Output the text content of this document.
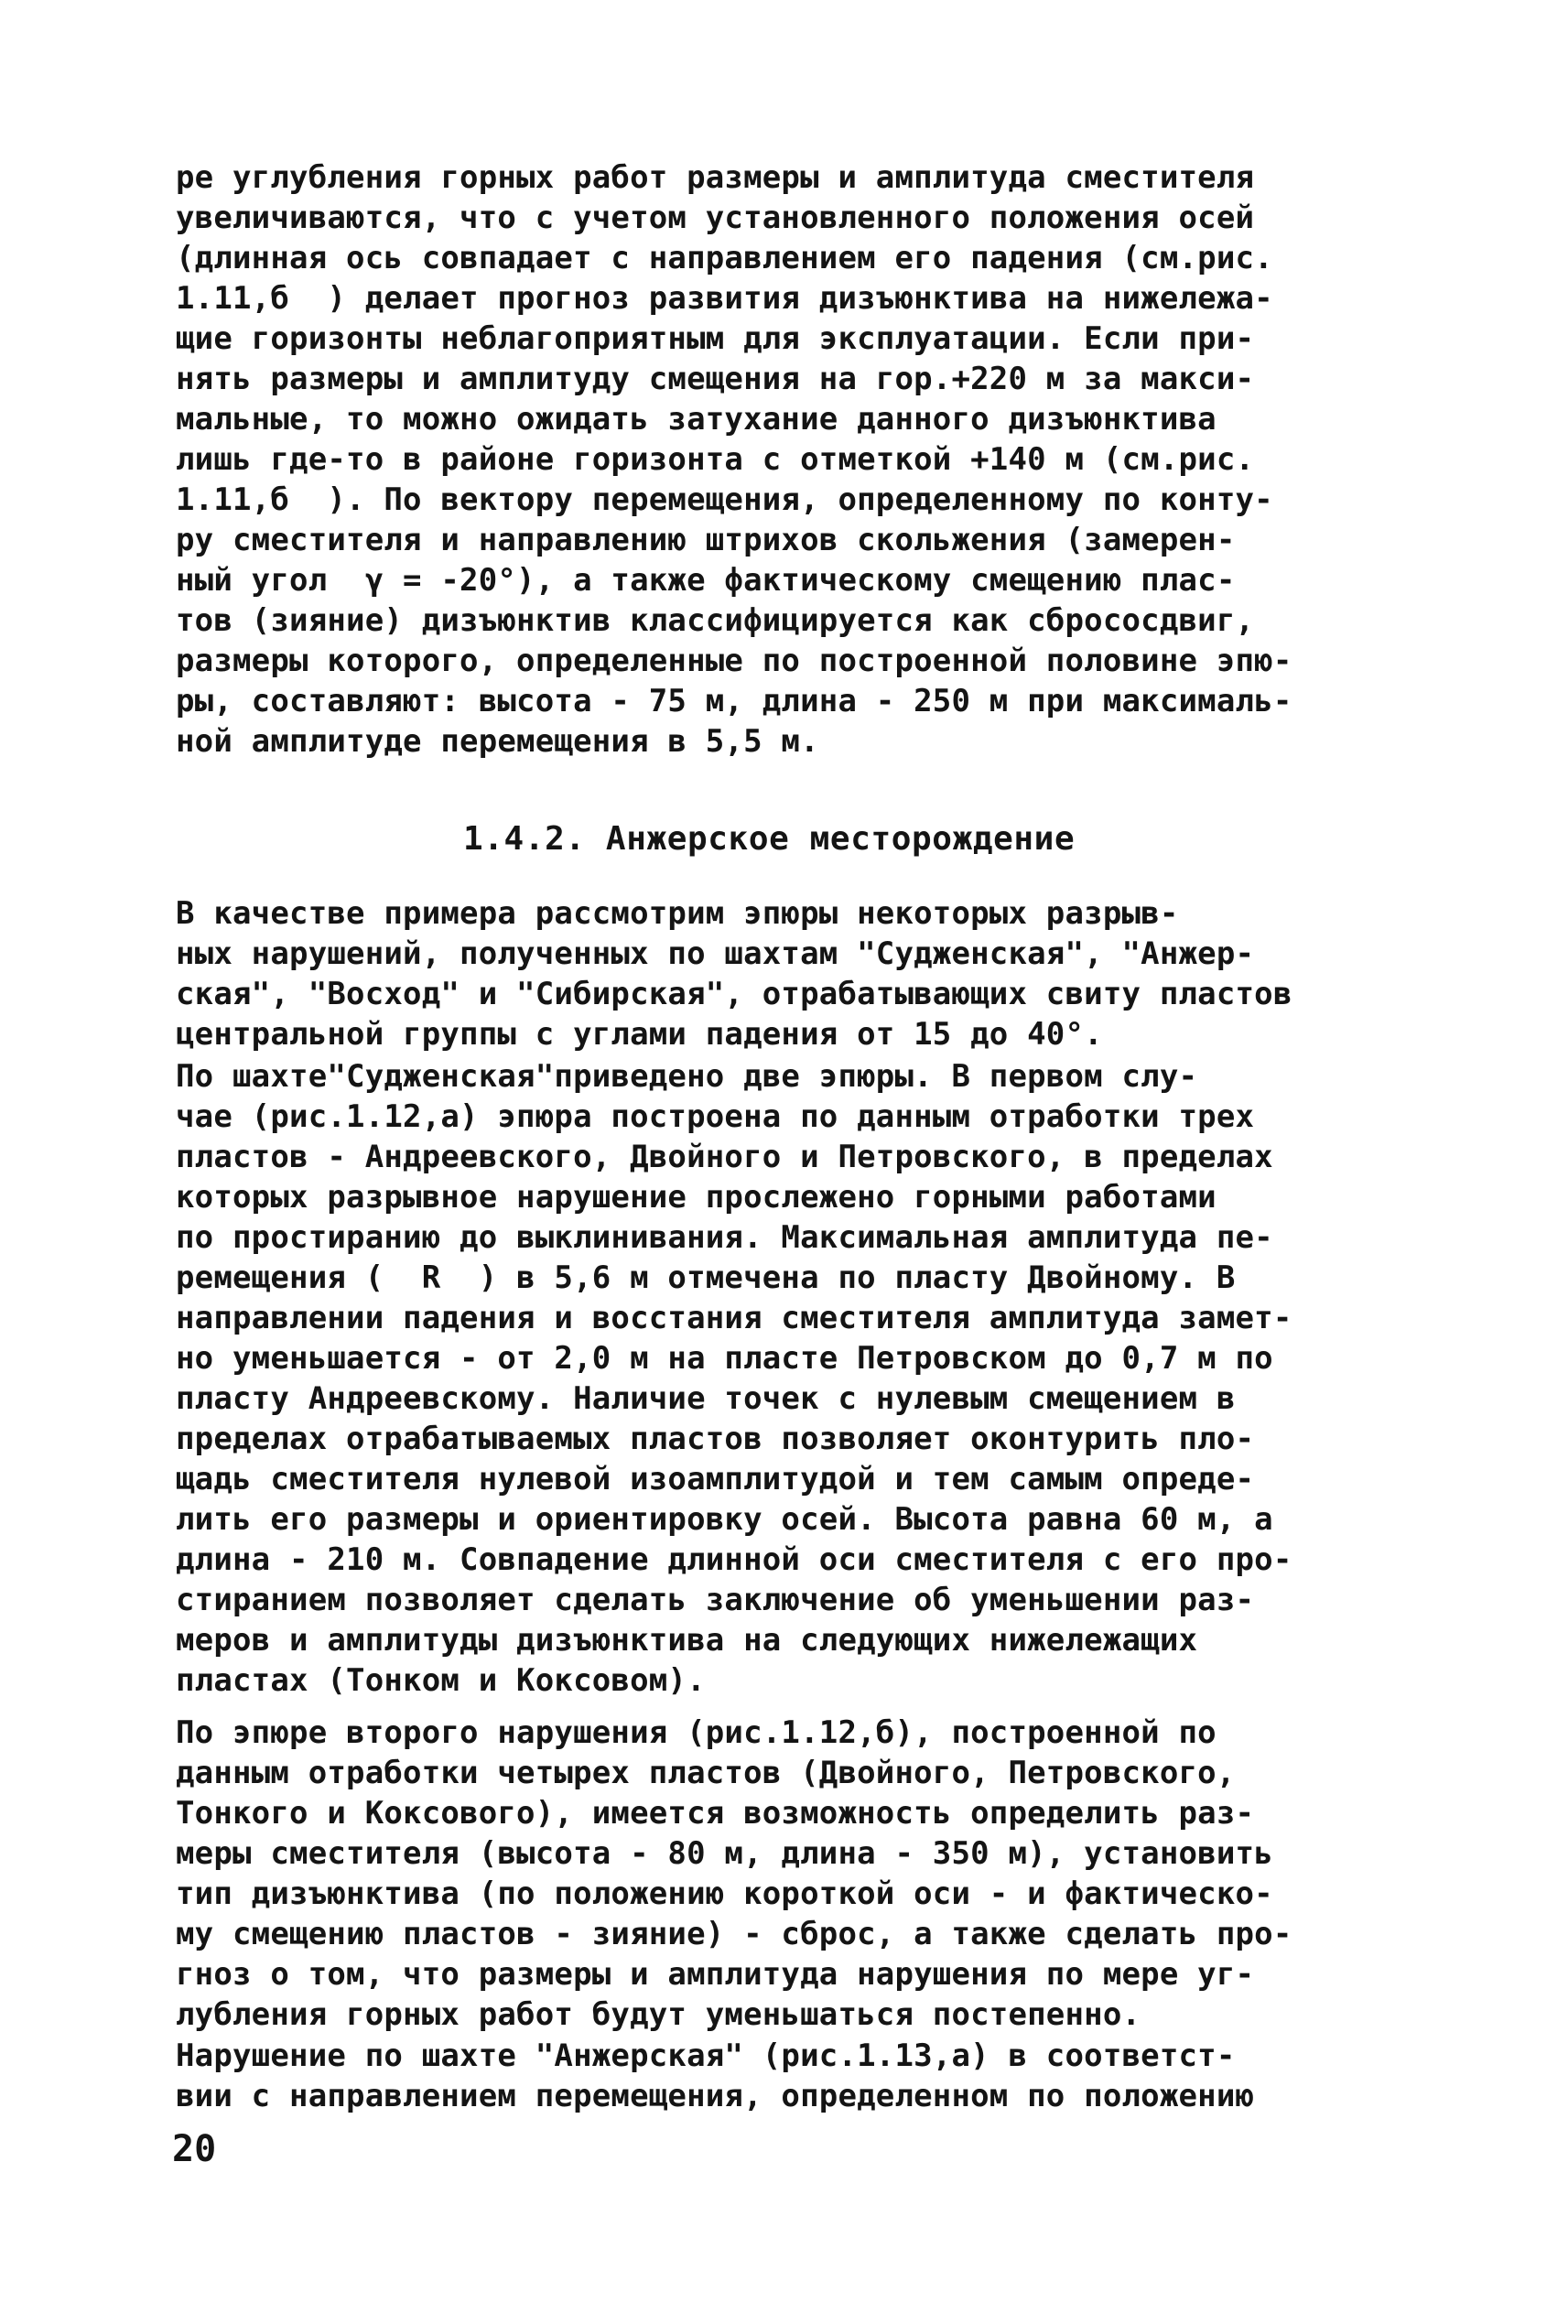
ре углубления горных работ размеры и амплитуда сместителя
увеличиваются, что с учетом установленного положения осей
(длинная ось совпадает с направлением его падения (см.рис.
1.11,б  ) делает прогноз развития дизъюнктива на нижележа-
щие горизонты неблагоприятным для эксплуатации. Если при-
нять размеры и амплитуду смещения на гор.+220 м за макси-
мальные, то можно ожидать затухание данного дизъюнктива
лишь где-то в районе горизонта с отметкой +140 м (см.рис.
1.11,б  ). По вектору перемещения, определенному по конту-
ру сместителя и направлению штрихов скольжения (замерен-
ный угол  γ = -20°), а также фактическому смещению плас-
тов (зияние) дизъюнктив классифицируется как сбрососдвиг,
размеры которого, определенные по построенной половине эпю-
ры, составляют: высота - 75 м, длина - 250 м при максималь-
ной амплитуде перемещения в 5,5 м.
1.4.2. Анжерское месторождение
В качестве примера рассмотрим эпюры некоторых разрыв-
ных нарушений, полученных по шахтам "Судженская", "Анжер-
ская", "Восход" и "Сибирская", отрабатывающих свиту пластов
центральной группы с углами падения от 15 до 40°.
По шахте"Судженская"приведено две эпюры. В первом слу-
чае (рис.1.12,а) эпюра построена по данным отработки трех
пластов - Андреевского, Двойного и Петровского, в пределах
которых разрывное нарушение прослежено горными работами
по простиранию до выклинивания. Максимальная амплитуда пе-
ремещения (  R  ) в 5,6 м отмечена по пласту Двойному. В
направлении падения и восстания сместителя амплитуда замет-
но уменьшается - от 2,0 м на пласте Петровском до 0,7 м по
пласту Андреевскому. Наличие точек с нулевым смещением в
пределах отрабатываемых пластов позволяет оконтурить пло-
щадь сместителя нулевой изоамплитудой и тем самым опреде-
лить его размеры и ориентировку осей. Высота равна 60 м, а
длина - 210 м. Совпадение длинной оси сместителя с его про-
стиранием позволяет сделать заключение об уменьшении раз-
меров и амплитуды дизъюнктива на следующих нижележащих
пластах (Тонком и Коксовом).
По эпюре второго нарушения (рис.1.12,б), построенной по
данным отработки четырех пластов (Двойного, Петровского,
Тонкого и Коксового), имеется возможность определить раз-
меры сместителя (высота - 80 м, длина - 350 м), установить
тип дизъюнктива (по положению короткой оси - и фактическо-
му смещению пластов - зияние) - сброс, а также сделать про-
гноз о том, что размеры и амплитуда нарушения по мере уг-
лубления горных работ будут уменьшаться постепенно.
Нарушение по шахте "Анжерская" (рис.1.13,а) в соответст-
вии с направлением перемещения, определенном по положению
20
